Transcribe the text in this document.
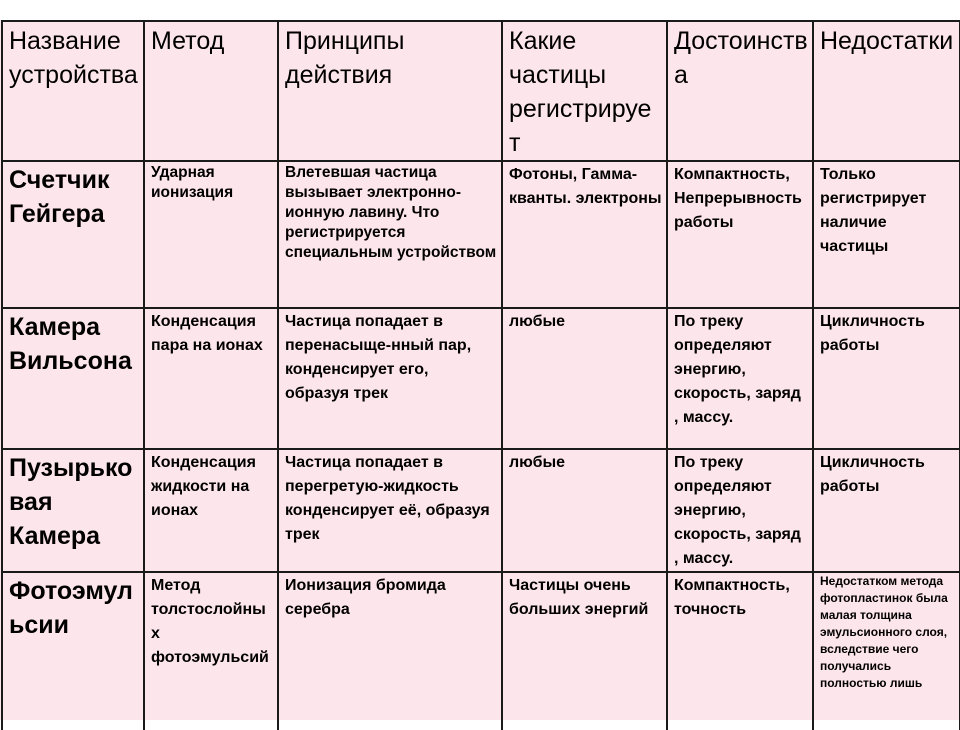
Название устройства	Метод	Принципы действия	Какие частицы регистрирует	Достоинства	Недостатки
Счетчик Гейгера	Ударная ионизация	Влетевшая частица вызывает электронно-ионную лавину. Что регистрируется специальным устройством	Фотоны, Гамма-кванты. электроны	Компактность, Непрерывность работы	Только регистрирует наличие частицы
Камера Вильсона	Конденсация пара на ионах	Частица попадает в перенасыще-нный пар, конденсирует его, образуя трек	любые	По треку определяют энергию, скорость, заряд , массу.	Цикличность работы
Пузырьковая Камера	Конденсация жидкости на ионах	Частица попадает в перегретую-жидкость конденсирует её, образуя трек	любые	По треку определяют энергию, скорость, заряд , массу.	Цикличность работы
Фотоэмульсии	Метод толстослойных фотоэмульсий	Ионизация бромида серебра	Частицы очень больших энергий	Компактность, точность	Недостатком метода фотопластинок была малая толщина эмульсионного слоя, вследствие чего получались полностью лишь
